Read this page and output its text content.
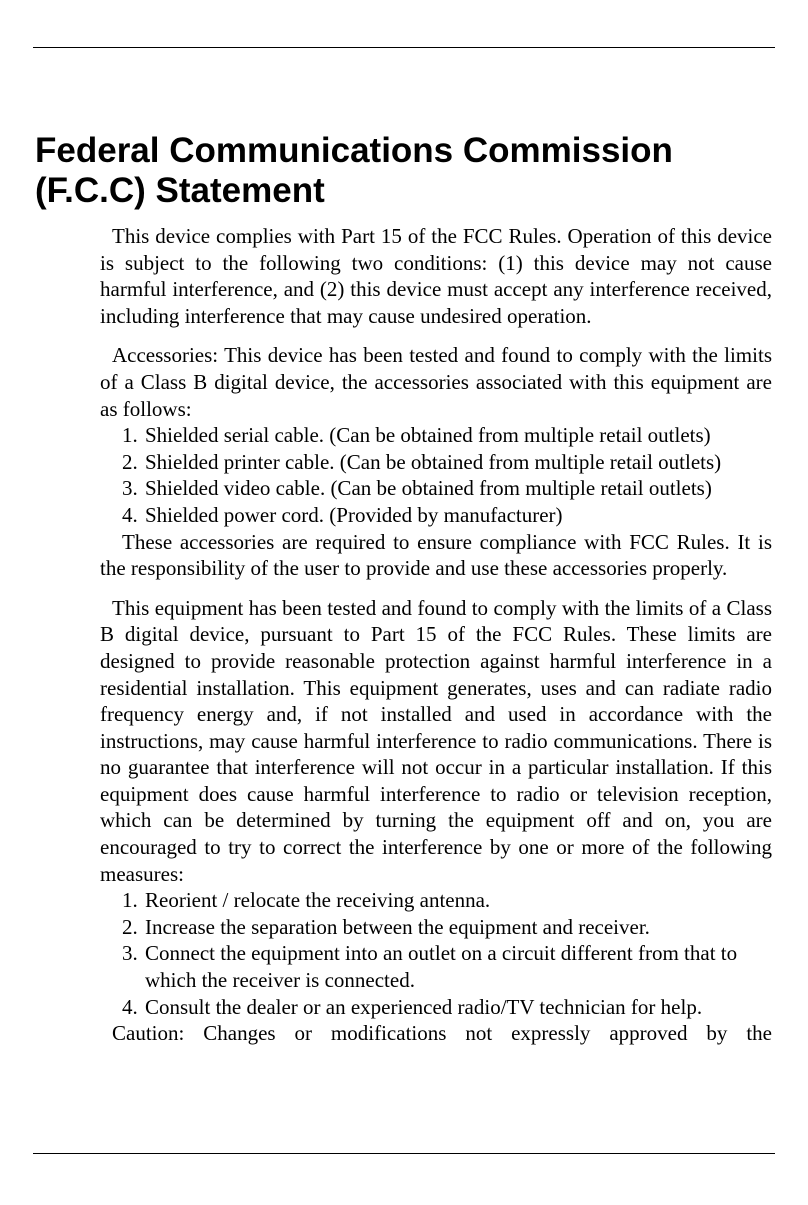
Federal Communications Commission (F.C.C) Statement

This device complies with Part 15 of the FCC Rules. Operation of this device is subject to the following two conditions: (1) this device may not cause harmful interference, and (2) this device must accept any interference received, including interference that may cause undesired operation.

Accessories: This device has been tested and found to comply with the limits of a Class B digital device, the accessories associated with this equipment are as follows:

1. Shielded serial cable. (Can be obtained from multiple retail outlets)
2. Shielded printer cable. (Can be obtained from multiple retail outlets)
3. Shielded video cable. (Can be obtained from multiple retail outlets)
4. Shielded power cord. (Provided by manufacturer)

These accessories are required to ensure compliance with FCC Rules. It is the responsibility of the user to provide and use these accessories properly.

This equipment has been tested and found to comply with the limits of a Class B digital device, pursuant to Part 15 of the FCC Rules. These limits are designed to provide reasonable protection against harmful interference in a residential installation. This equipment generates, uses and can radiate radio frequency energy and, if not installed and used in accordance with the instructions, may cause harmful interference to radio communications. There is no guarantee that interference will not occur in a particular installation. If this equipment does cause harmful interference to radio or television reception, which can be determined by turning the equipment off and on, you are encouraged to try to correct the interference by one or more of the following measures:

1. Reorient / relocate the receiving antenna.
2. Increase the separation between the equipment and receiver.
3. Connect the equipment into an outlet on a circuit different from that to which the receiver is connected.
4. Consult the dealer or an experienced radio/TV technician for help.

Caution: Changes or modifications not expressly approved by the
